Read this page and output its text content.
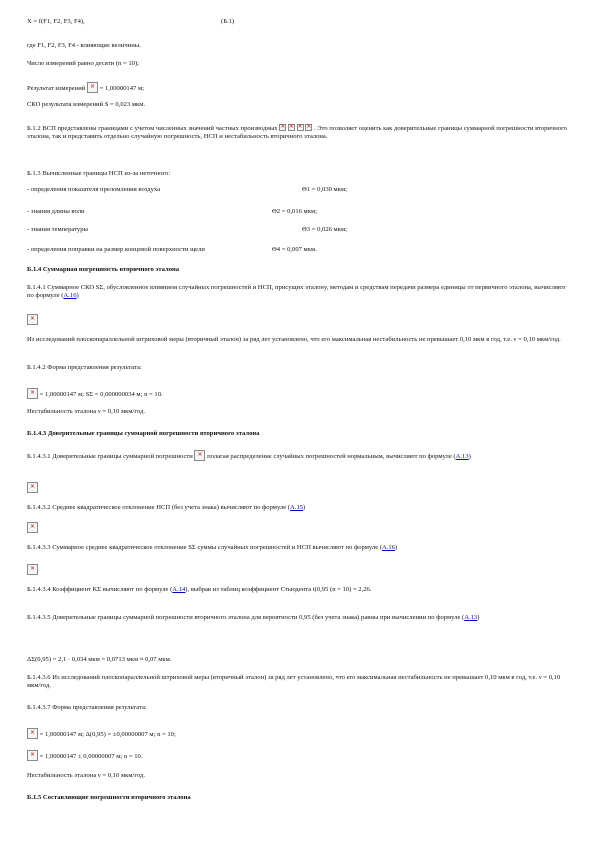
X = f(F1, F2, F3, F4),	(Б.1)
где F1, F2, F3, F4 - влияющие величины.
Число измерений равно десяти (n = 10);
Результат измерений × = 1,00000147 м;
СКО результата измерений S = 0,023 мкм.
Б.1.2 ВСП представлены границами с учетом численных значений частных производных × × × ×	. Это позволяет оценить как доверительные границы суммарной погрешности вторичного эталона, так и представить отдельно случайную погрешность, НСП и нестабильность вторичного эталона.
Б.1.3 Вычисленные границы НСП из-за неточного:
- определения показателя преломления воздуха	Θ1 = 0,030 мкм;
- знания длины волн	Θ2 = 0,016 мкм;
- знания температуры	Θ3 = 0,026 мкм;
- определения поправки на размер концевой поверхности щели	Θ4 = 0,007 мкм.
Б.1.4 Суммарная погрешность вторичного эталона
Б.1.4.1 Суммарное СКО SΣ, обусловленное влиянием случайных погрешностей и НСП, присущих эталону, методам и средствам передачи размера единицы от первичного эталона, вычисляют по формуле (А.16)
×
Из исследований плоскопараллельной штриховой меры (вторичный эталон) за ряд лет установлено, что его максимальная нестабильность не превышает 0,10 мкм в год, т.е. ν = 0,10 мкм/год.
Б.1.4.2 Форма представления результата:
× = 1,00000147 м; SΣ = 0,000000034 м; n = 10.
Нестабильность эталона ν = 0,10 мкм/год.
Б.1.4.3 Доверительные границы суммарной погрешности вторичного эталона
Б.1.4.3.1 Доверительные границы суммарной погрешности × полагая распределение случайных погрешностей нормальным, вычисляют по формуле (А.13)
×
Б.1.4.3.2 Среднее квадратическое отклонение НСП (без учета знака) вычисляют по формуле (А.15)
×
Б.1.4.3.3 Суммарное среднее квадратическое отклонение SΣ суммы случайных погрешностей и НСП вычисляют по формуле (А.16)
×
Б.1.4.3.4 Коэффициент KΣ вычисляют по формуле (А.14), выбрав из таблиц коэффициент Стьюдента t(0,95 (n = 10) = 2,26.
Б.1.4.3.5 Доверительные границы суммарной погрешности вторичного эталона для вероятности 0,95 (без учета знака) равны при вычислении по формуле (А.13)
ΔΣ(0,95) = 2,1 · 0,034 мкм = 0,0713 мкм ≈ 0,07 мкм.
Б.1.4.3.6 Из исследований плоскопараллельной штриховой меры (вторичный эталон) за ряд лет установлено, что его максимальная нестабильность не превышает 0,10 мкм в год, т.е. ν = 0,10 мкм/год.
Б.1.4.3.7 Форма представления результата:
× = 1,00000147 м; Δ(0,95) = ±0,00000007 м; n = 10;
× = 1,00000147 ± 0,00000007 м; n = 10.
Нестабильность эталона ν = 0,10 мкм/год.
Б.1.5 Составляющие погрешности вторичного эталона
